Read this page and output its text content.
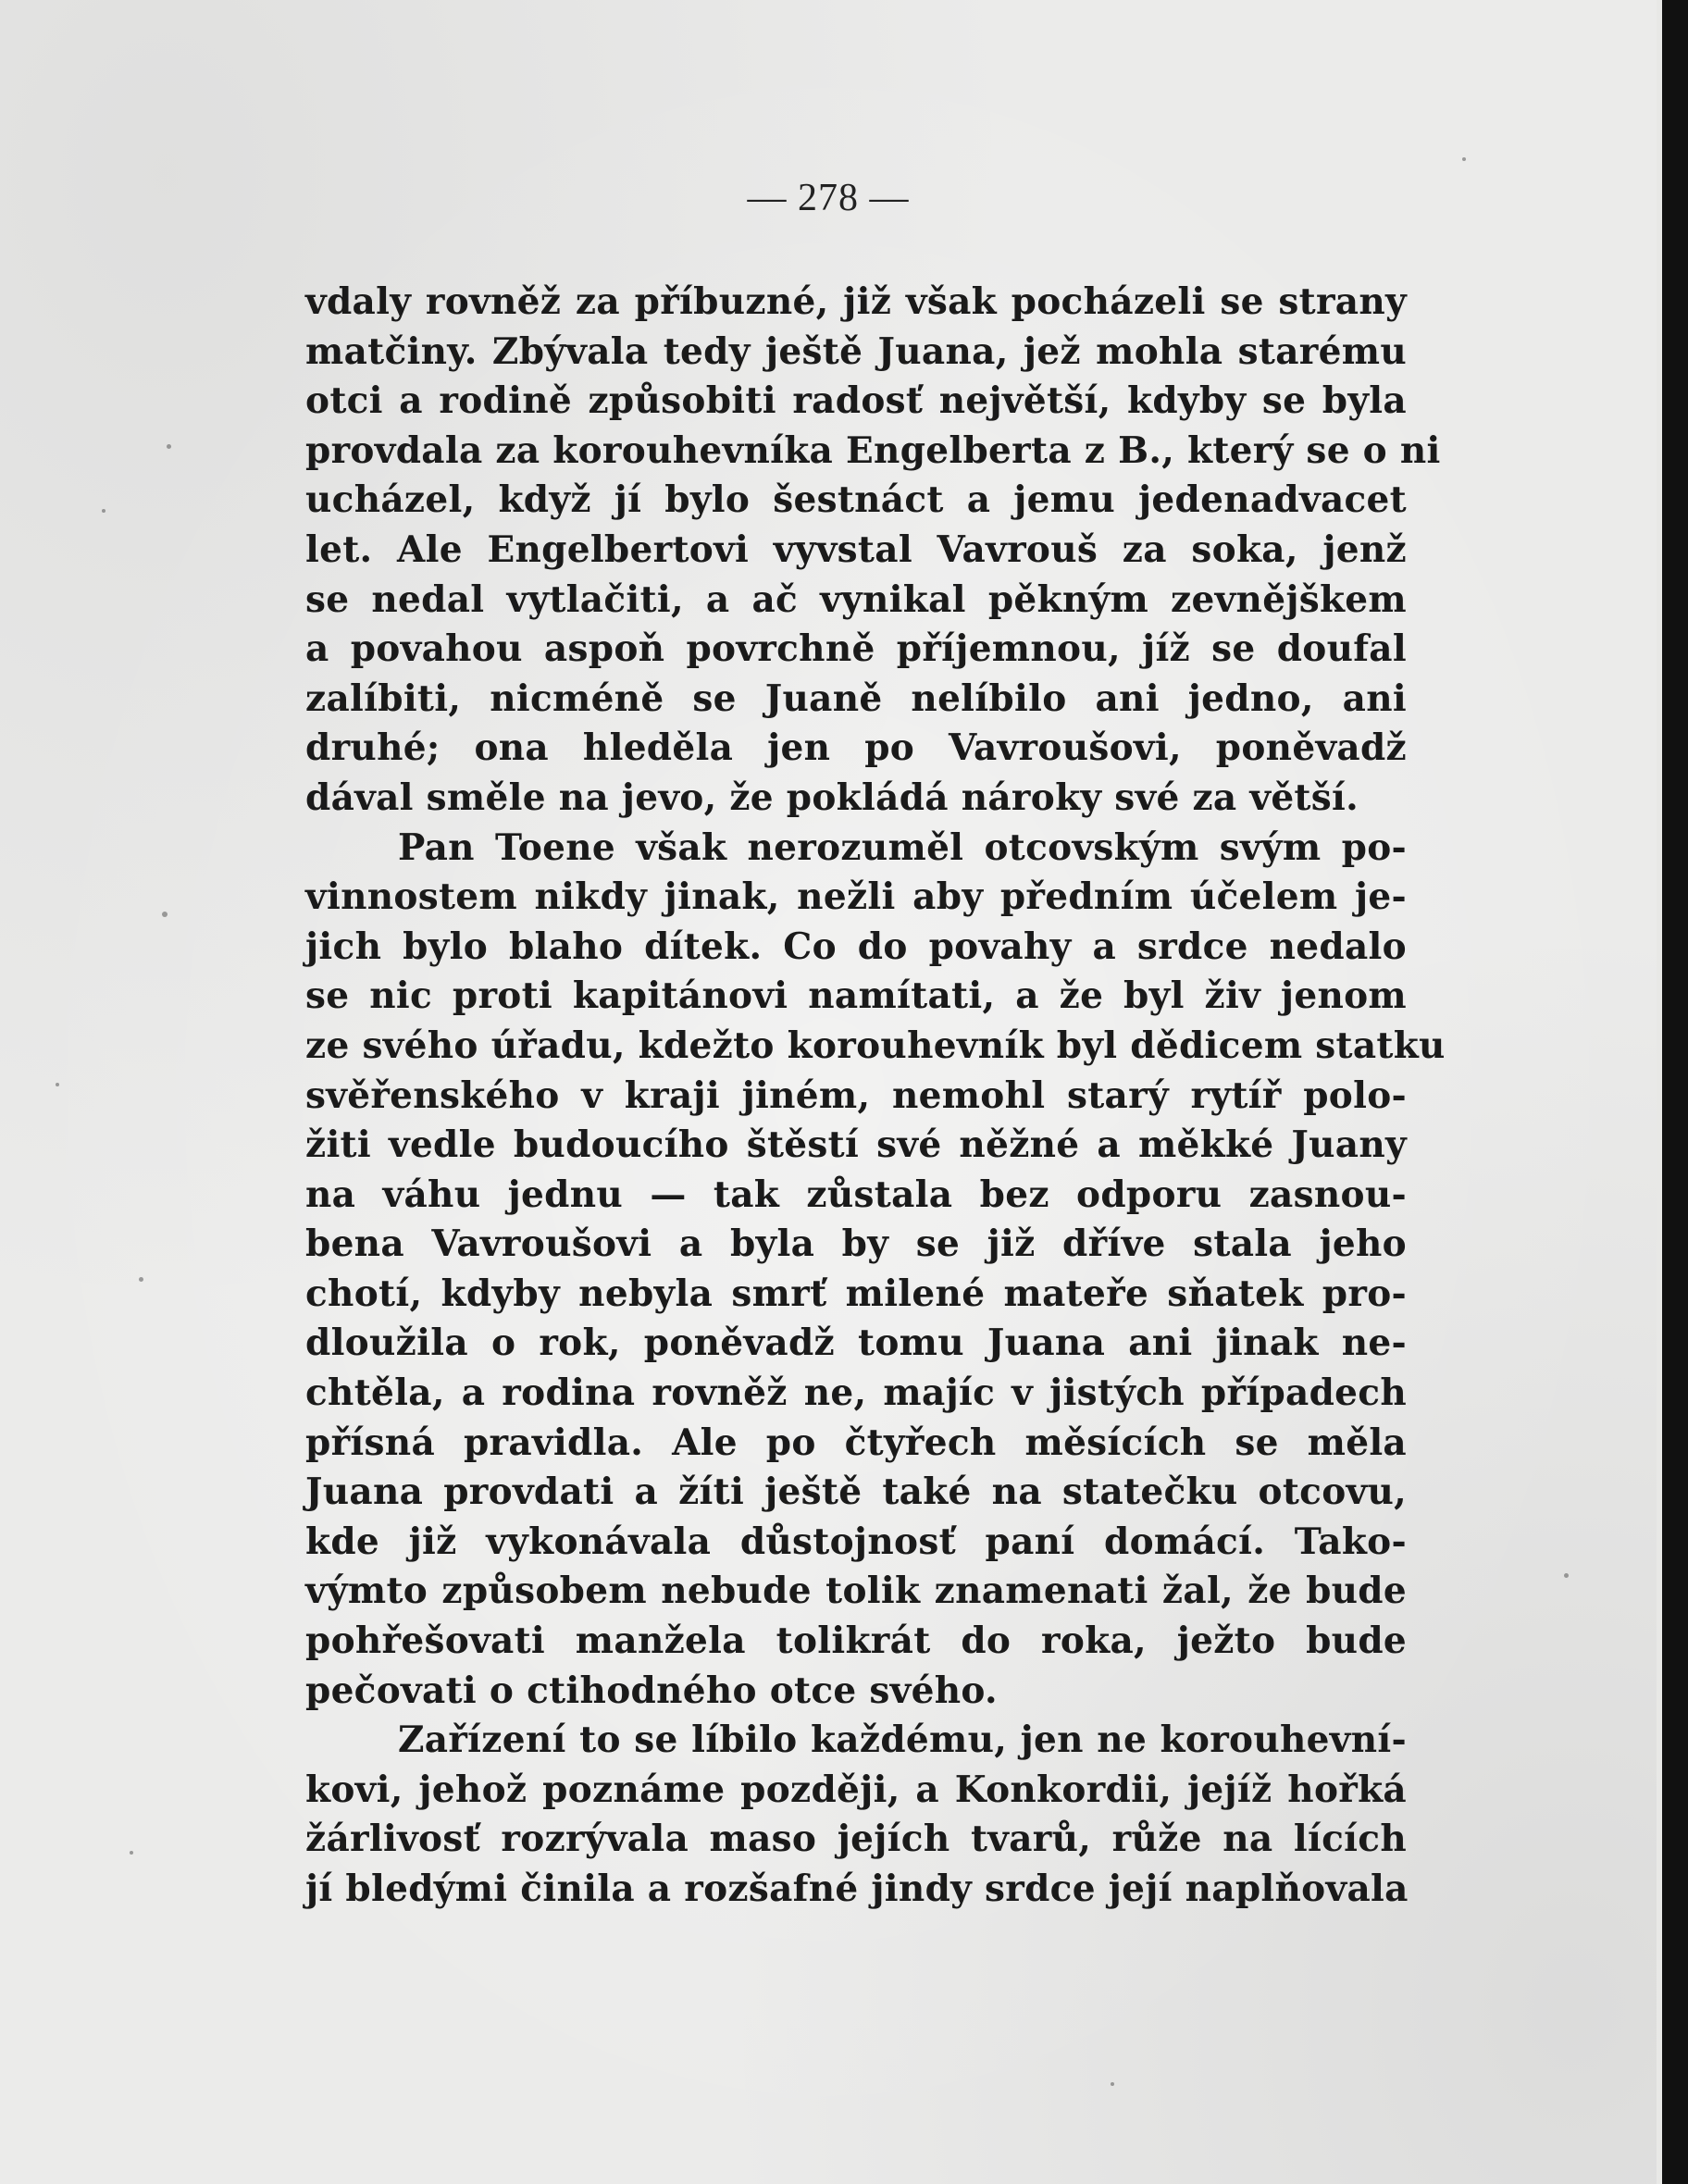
— 278 —
vdaly rovněž za příbuzné, již však pocházeli se strany
matčiny. Zbývala tedy ještě Juana, jež mohla starému
otci a rodině způsobiti radosť největší, kdyby se byla
provdala za korouhevníka Engelberta z B., který se o ni
ucházel, když jí bylo šestnáct a jemu jedenadvacet
let. Ale Engelbertovi vyvstal Vavrouš za soka, jenž
se nedal vytlačiti, a ač vynikal pěkným zevnějškem
a povahou aspoň povrchně příjemnou, jíž se doufal
zalíbiti, nicméně se Juaně nelíbilo ani jedno, ani
druhé; ona hleděla jen po Vavroušovi, poněvadž
dával směle na jevo, že pokládá nároky své za větší.
Pan Toene však nerozuměl otcovským svým po-
vinnostem nikdy jinak, nežli aby předním účelem je-
jich bylo blaho dítek. Co do povahy a srdce nedalo
se nic proti kapitánovi namítati, a že byl živ jenom
ze svého úřadu, kdežto korouhevník byl dědicem statku
svěřenského v kraji jiném, nemohl starý rytíř polo-
žiti vedle budoucího štěstí své něžné a měkké Juany
na váhu jednu — tak zůstala bez odporu zasnou-
bena Vavroušovi a byla by se již dříve stala jeho
chotí, kdyby nebyla smrť milené mateře sňatek pro-
dloužila o rok, poněvadž tomu Juana ani jinak ne-
chtěla, a rodina rovněž ne, majíc v jistých případech
přísná pravidla. Ale po čtyřech měsících se měla
Juana provdati a žíti ještě také na statečku otcovu,
kde již vykonávala důstojnosť paní domácí. Tako-
výmto způsobem nebude tolik znamenati žal, že bude
pohřešovati manžela tolikrát do roka, ježto bude
pečovati o ctihodného otce svého.
Zařízení to se líbilo každému, jen ne korouhevní-
kovi, jehož poznáme později, a Konkordii, jejíž hořká
žárlivosť rozrývala maso jejích tvarů, růže na lících
jí bledými činila a rozšafné jindy srdce její naplňovala
